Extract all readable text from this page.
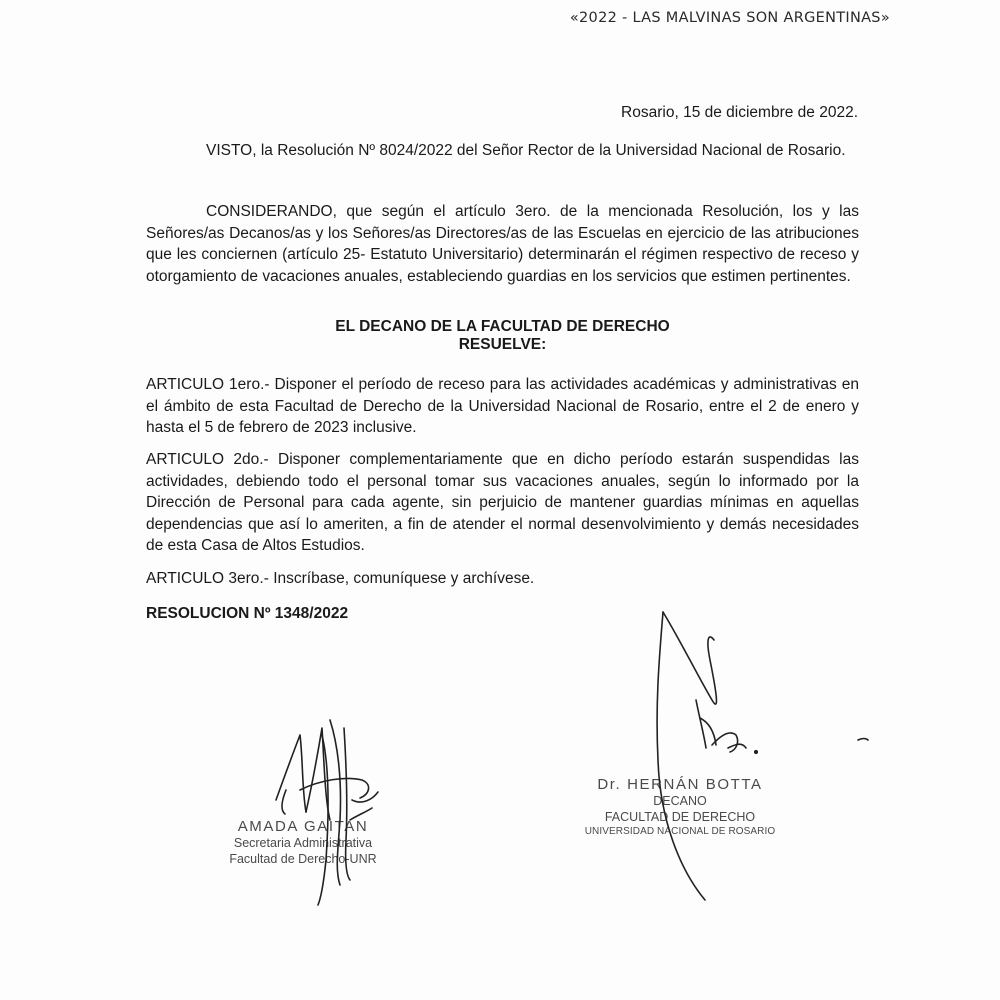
«2022 - LAS MALVINAS SON ARGENTINAS»
Rosario, 15 de diciembre de 2022.
VISTO, la Resolución Nº 8024/2022 del Señor Rector de la Universidad Nacional de Rosario.
CONSIDERANDO, que según el artículo 3ero. de la mencionada Resolución, los y las Señores/as Decanos/as y los Señores/as Directores/as de las Escuelas en ejercicio de las atribuciones que les conciernen (artículo 25- Estatuto Universitario) determinarán el régimen respectivo de receso y otorgamiento de vacaciones anuales, estableciendo guardias en los servicios que estimen pertinentes.
EL DECANO DE LA FACULTAD DE DERECHO
RESUELVE:
ARTICULO 1ero.- Disponer el período de receso para las actividades académicas y administrativas en el ámbito de esta Facultad de Derecho de la Universidad Nacional de Rosario, entre el 2 de enero y hasta el 5 de febrero de 2023 inclusive.
ARTICULO 2do.- Disponer complementariamente que en dicho período estarán suspendidas las actividades, debiendo todo el personal tomar sus vacaciones anuales, según lo informado por la Dirección de Personal para cada agente, sin perjuicio de mantener guardias mínimas en aquellas dependencias que así lo ameriten, a fin de atender el normal desenvolvimiento y demás necesidades de esta Casa de Altos Estudios.
ARTICULO 3ero.- Inscríbase, comuníquese y archívese.
RESOLUCION Nº 1348/2022
AMADA GAITAN
Secretaria Administrativa
Facultad de Derecho-UNR
Dr. HERNÁN BOTTA
DECANO
FACULTAD DE DERECHO
UNIVERSIDAD NACIONAL DE ROSARIO
